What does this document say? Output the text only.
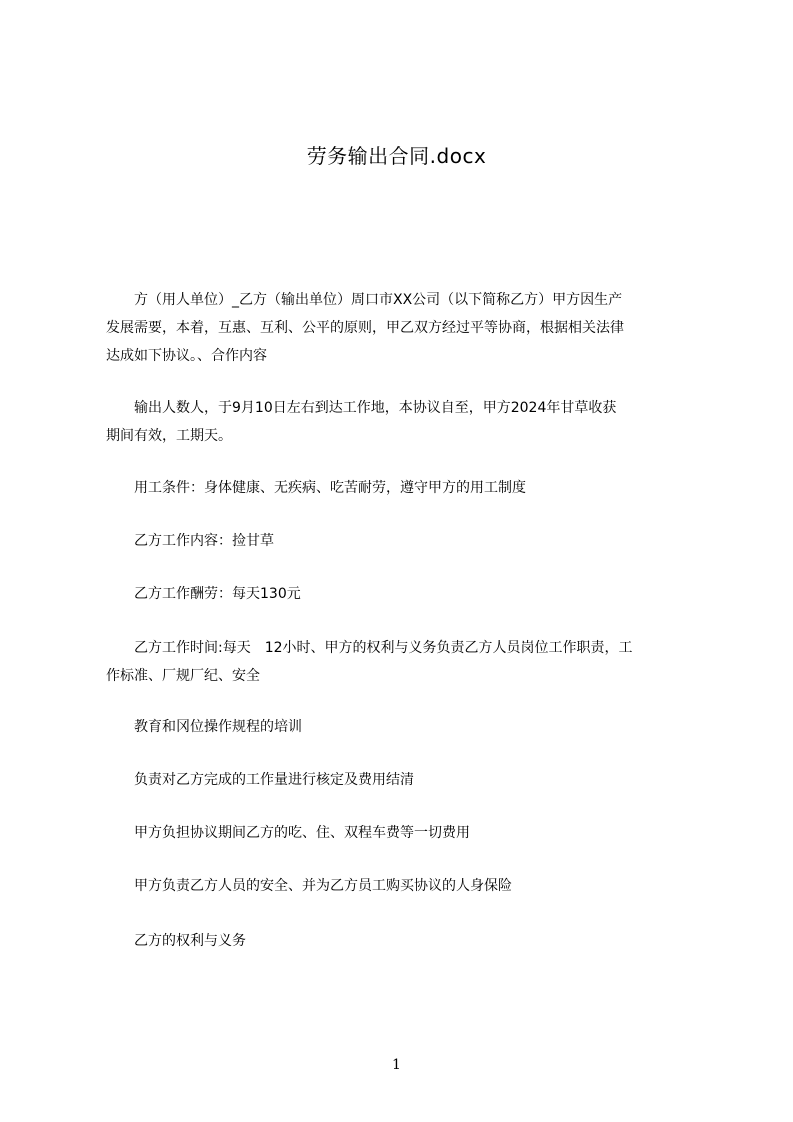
劳务输出合同.docx

　　方（用人单位）_乙方（输出单位）周口市XX公司（以下简称乙方）甲方因生产
发展需要，本着，互惠、互利、公平的原则，甲乙双方经过平等协商，根据相关法律
达成如下协议。、合作内容

　　输出人数人，于9月10日左右到达工作地，本协议自至，甲方2024年甘草收获
期间有效，工期天。

　　用工条件：身体健康、无疾病、吃苦耐劳，遵守甲方的用工制度

　　乙方工作内容：捡甘草

　　乙方工作酬劳：每天130元

　　乙方工作时间:每天　12小时、甲方的权利与义务负责乙方人员岗位工作职责，工
作标准、厂规厂纪、安全

　　教育和冈位操作规程的培训

　　负责对乙方完成的工作量进行核定及费用结清

　　甲方负担协议期间乙方的吃、住、双程车费等一切费用

　　甲方负责乙方人员的安全、并为乙方员工购买协议的人身保险

　　乙方的权利与义务

1
